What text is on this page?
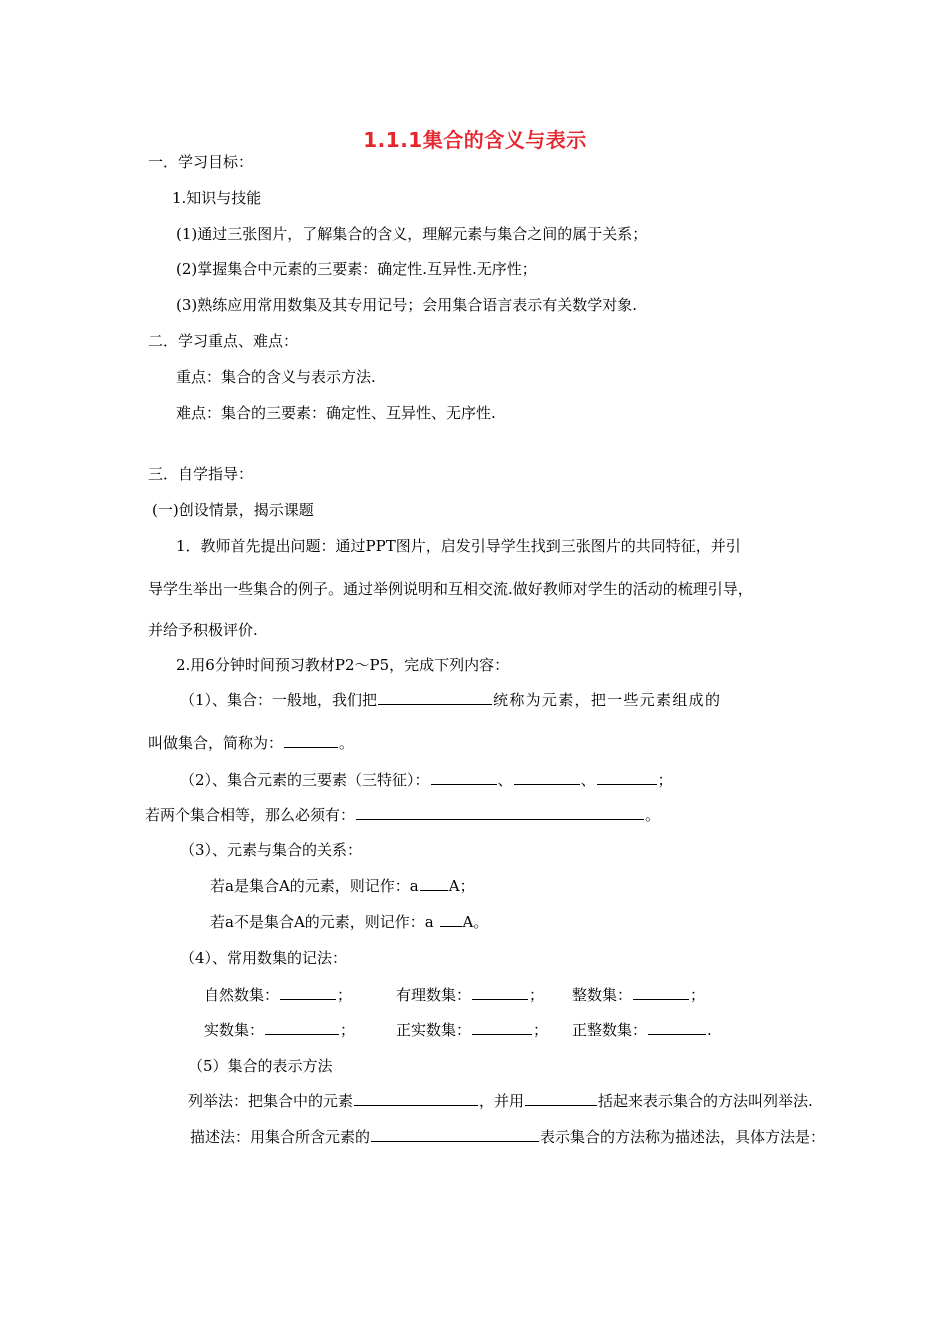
1.1.1集合的含义与表示
一．学习目标：
1.知识与技能
(1)通过三张图片，了解集合的含义，理解元素与集合之间的属于关系；
(2)掌握集合中元素的三要素：确定性.互异性.无序性；
(3)熟练应用常用数集及其专用记号；会用集合语言表示有关数学对象.
二．学习重点、难点：
重点：集合的含义与表示方法.
难点：集合的三要素：确定性、互异性、无序性.
三．自学指导：
(一)创设情景，揭示课题
1．教师首先提出问题：通过PPT图片，启发引导学生找到三张图片的共同特征，并引
导学生举出一些集合的例子。通过举例说明和互相交流.做好教师对学生的活动的梳理引导，
并给予积极评价.
2.用6分钟时间预习教材P2～P5，完成下列内容：
（1）、集合：一般地，我们把	统称为元素，把一些元素组成的
叫做集合，简称为：	。
（2）、集合元素的三要素（三特征）：	、	、	；
若两个集合相等，那么必须有：	。
（3）、元素与集合的关系：
若a是集合A的元素，则记作：a A；
若a不是集合A的元素，则记作：a A。
（4）、常用数集的记法：
自然数集：	；	有理数集：	； 整数集：	；
实数集：	；	正实数集：	； 正整数集：	.
（5）集合的表示方法
列举法：把集合中的元素	，并用	括起来表示集合的方法叫列举法.
描述法：用集合所含元素的	表示集合的方法称为描述法，具体方法是：
